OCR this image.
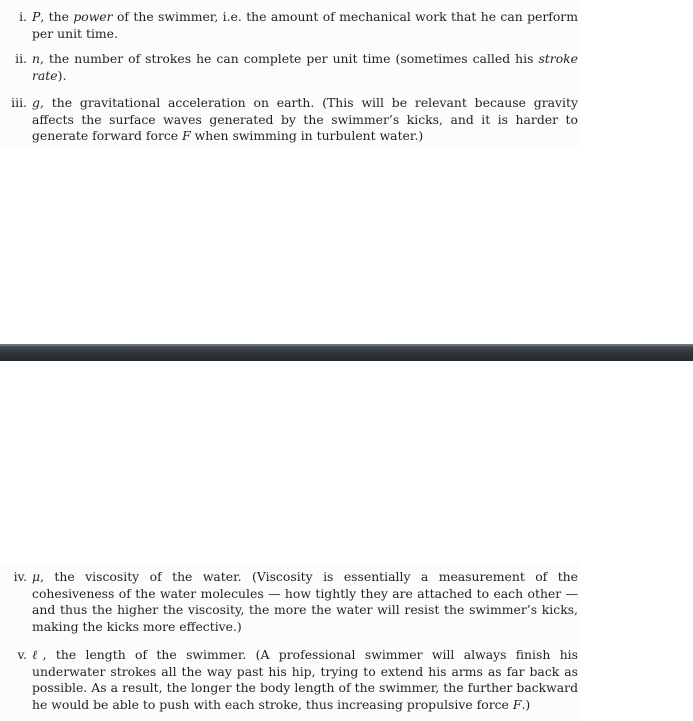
i. P, the power of the swimmer, i.e. the amount of mechanical work that he can perform per unit time.
ii. n, the number of strokes he can complete per unit time (sometimes called his stroke rate).
iii. g, the gravitational acceleration on earth. (This will be relevant because gravity affects the surface waves generated by the swimmer’s kicks, and it is harder to generate forward force F when swimming in turbulent water.)
iv. μ, the viscosity of the water. (Viscosity is essentially a measurement of the cohesiveness of the water molecules — how tightly they are attached to each other — and thus the higher the viscosity, the more the water will resist the swimmer’s kicks, making the kicks more effective.)
v. ℓ, the length of the swimmer. (A professional swimmer will always finish his underwater strokes all the way past his hip, trying to extend his arms as far back as possible. As a result, the longer the body length of the swimmer, the further backward he would be able to push with each stroke, thus increasing propulsive force F.)
